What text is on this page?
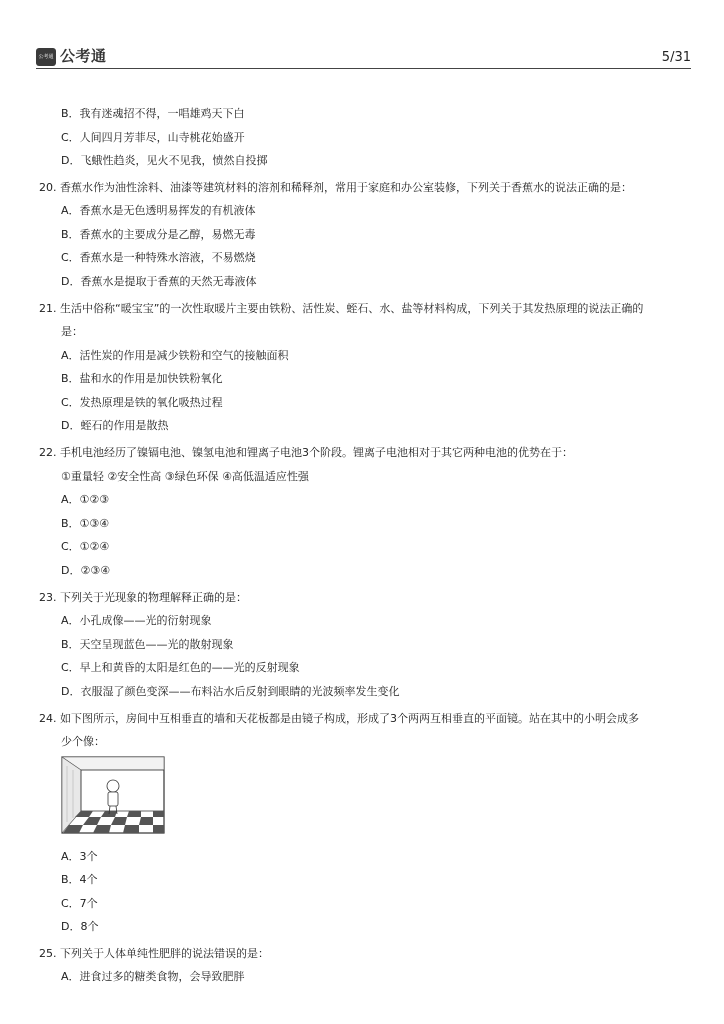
公考通 公考通	5/31
B．我有迷魂招不得，一唱雄鸡天下白
C．人间四月芳菲尽，山寺桃花始盛开
D．飞蛾性趋炎，见火不见我，愤然自投掷
20. 香蕉水作为油性涂料、油漆等建筑材料的溶剂和稀释剂，常用于家庭和办公室装修，下列关于香蕉水的说法正确的是：
A．香蕉水是无色透明易挥发的有机液体
B．香蕉水的主要成分是乙醇，易燃无毒
C．香蕉水是一种特殊水溶液，不易燃烧
D．香蕉水是提取于香蕉的天然无毒液体
21. 生活中俗称“暖宝宝”的一次性取暖片主要由铁粉、活性炭、蛭石、水、盐等材料构成，下列关于其发热原理的说法正确的
是：
A．活性炭的作用是减少铁粉和空气的接触面积
B．盐和水的作用是加快铁粉氧化
C．发热原理是铁的氧化吸热过程
D．蛭石的作用是散热
22. 手机电池经历了镍镉电池、镍氢电池和锂离子电池3个阶段。锂离子电池相对于其它两种电池的优势在于：
①重量轻 ②安全性高 ③绿色环保 ④高低温适应性强
A．①②③
B．①③④
C．①②④
D．②③④
23. 下列关于光现象的物理解释正确的是：
A．小孔成像——光的衍射现象
B．天空呈现蓝色——光的散射现象
C．早上和黄昏的太阳是红色的——光的反射现象
D．衣服湿了颜色变深——布料沾水后反射到眼睛的光波频率发生变化
24. 如下图所示，房间中互相垂直的墙和天花板都是由镜子构成，形成了3个两两互相垂直的平面镜。站在其中的小明会成多
少个像：
A．3个
B．4个
C．7个
D．8个
25. 下列关于人体单纯性肥胖的说法错误的是：
A．进食过多的糖类食物，会导致肥胖
